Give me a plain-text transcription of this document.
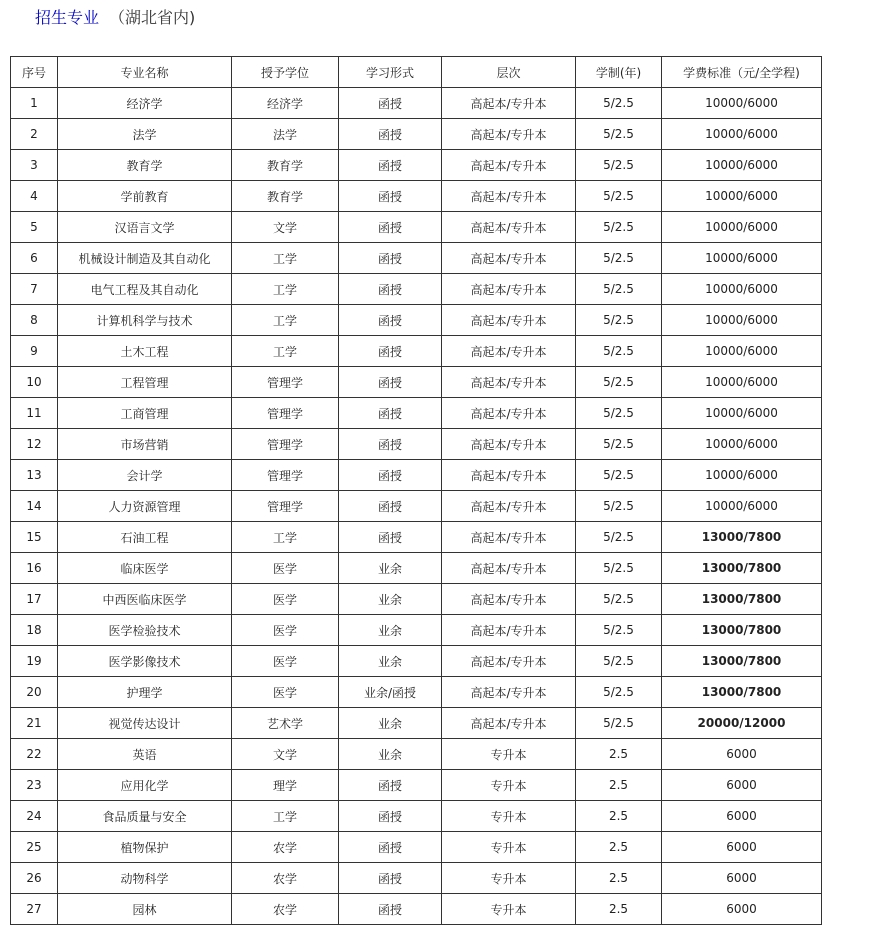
招生专业 （湖北省内)
序号	专业名称	授予学位	学习形式	层次	学制(年)	学费标准（元/全学程)
1	经济学	经济学	函授	高起本/专升本	5/2.5	10000/6000
2	法学	法学	函授	高起本/专升本	5/2.5	10000/6000
3	教育学	教育学	函授	高起本/专升本	5/2.5	10000/6000
4	学前教育	教育学	函授	高起本/专升本	5/2.5	10000/6000
5	汉语言文学	文学	函授	高起本/专升本	5/2.5	10000/6000
6	机械设计制造及其自动化	工学	函授	高起本/专升本	5/2.5	10000/6000
7	电气工程及其自动化	工学	函授	高起本/专升本	5/2.5	10000/6000
8	计算机科学与技术	工学	函授	高起本/专升本	5/2.5	10000/6000
9	土木工程	工学	函授	高起本/专升本	5/2.5	10000/6000
10	工程管理	管理学	函授	高起本/专升本	5/2.5	10000/6000
11	工商管理	管理学	函授	高起本/专升本	5/2.5	10000/6000
12	市场营销	管理学	函授	高起本/专升本	5/2.5	10000/6000
13	会计学	管理学	函授	高起本/专升本	5/2.5	10000/6000
14	人力资源管理	管理学	函授	高起本/专升本	5/2.5	10000/6000
15	石油工程	工学	函授	高起本/专升本	5/2.5	13000/7800
16	临床医学	医学	业余	高起本/专升本	5/2.5	13000/7800
17	中西医临床医学	医学	业余	高起本/专升本	5/2.5	13000/7800
18	医学检验技术	医学	业余	高起本/专升本	5/2.5	13000/7800
19	医学影像技术	医学	业余	高起本/专升本	5/2.5	13000/7800
20	护理学	医学	业余/函授	高起本/专升本	5/2.5	13000/7800
21	视觉传达设计	艺术学	业余	高起本/专升本	5/2.5	20000/12000
22	英语	文学	业余	专升本	2.5	6000
23	应用化学	理学	函授	专升本	2.5	6000
24	食品质量与安全	工学	函授	专升本	2.5	6000
25	植物保护	农学	函授	专升本	2.5	6000
26	动物科学	农学	函授	专升本	2.5	6000
27	园林	农学	函授	专升本	2.5	6000
